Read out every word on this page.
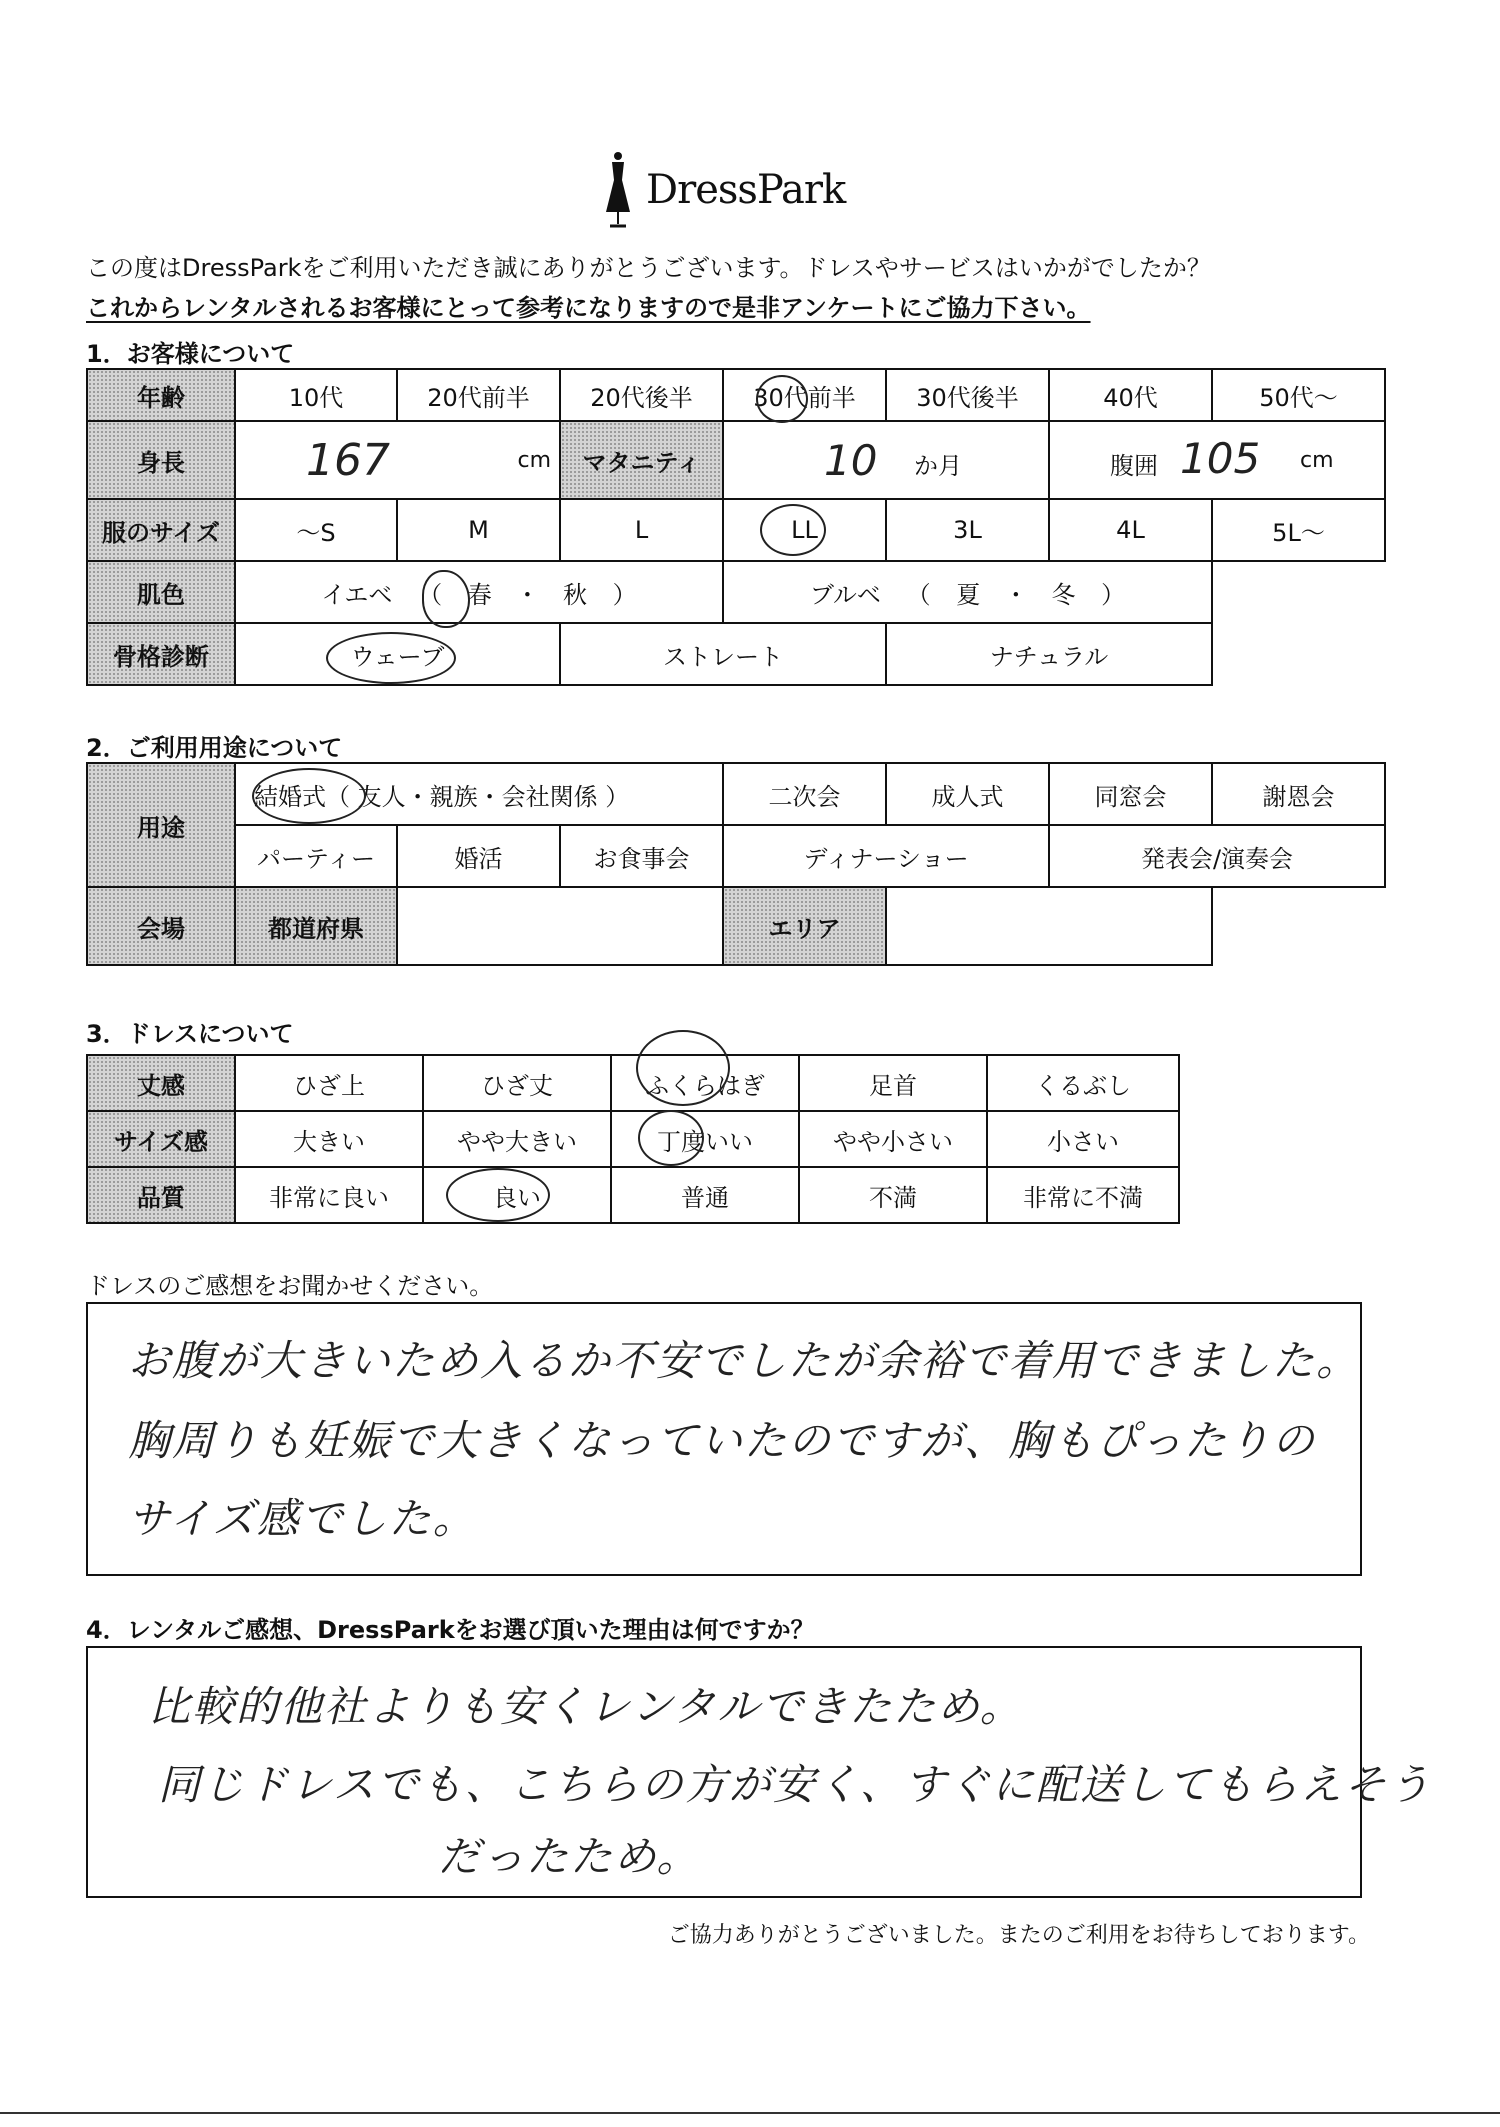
DressPark
この度はDressParkをご利用いただき誠にありがとうございます。ドレスやサービスはいかがでしたか？
これからレンタルされるお客様にとって参考になりますので是非アンケートにご協力下さい。
1．お客様について
年齢	10代	20代前半	20代後半	30代前半	30代後半	40代	50代～
身長	167 cm		マタニティ	10 か月		腹囲 105 cm	

服のサイズ	～S	M	L	LL	3L	4L	5L～
肌色	イエベ （ 春 ・ 秋 ）			ブルベ （ 夏 ・ 冬 ）			
骨格診断	ウェーブ		ストレート		ナチュラル		
2．ご利用用途について
用途	結婚式（ 友人・親族・会社関係 ）			二次会	成人式	同窓会	謝恩会
	パーティー	婚活	お食事会	ディナーショー		発表会/演奏会	
会場	都道府県			エリア			
3．ドレスについて
丈感	ひざ上	ひざ丈	ふくらはぎ	足首	くるぶし
サイズ感	大きい	やや大きい	丁度いい	やや小さい	小さい
品質	非常に良い	良い	普通	不満	非常に不満
ドレスのご感想をお聞かせください。
お腹が大きいため入るか不安でしたが余裕で着用できました。
胸周りも妊娠で大きくなっていたのですが、胸もぴったりの
サイズ感でした。
4．レンタルご感想、DressParkをお選び頂いた理由は何ですか？
比較的他社よりも安くレンタルできたため。
同じドレスでも、こちらの方が安く、すぐに配送してもらえそう
だったため。
ご協力ありがとうございました。またのご利用をお待ちしております。
